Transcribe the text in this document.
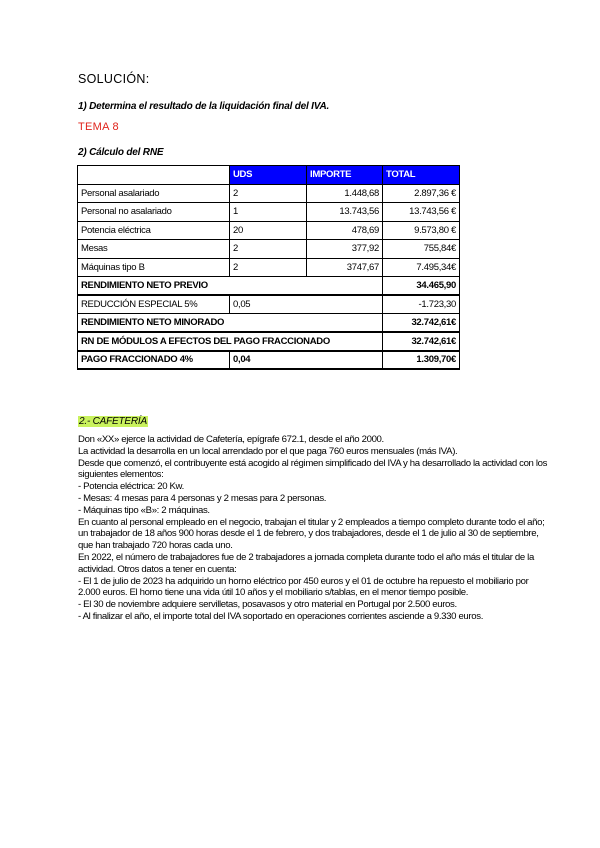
SOLUCIÓN:
1) Determina el resultado de la liquidación final del IVA.
TEMA 8
2) Cálculo del RNE
	UDS	IMPORTE	TOTAL
Personal asalariado	2	1.448,68	2.897,36 €
Personal no asalariado	1	13.743,56	13.743,56 €
Potencia eléctrica	20	478,69	9.573,80 €
Mesas	2	377,92	755,84€
Máquinas tipo B	2	3747,67	7.495,34€
RENDIMIENTO NETO PREVIO			34.465,90
REDUCCIÓN ESPECIAL 5%	0,05		-1.723,30
RENDIMIENTO NETO MINORADO			32.742,61€
RN DE MÓDULOS A EFECTOS DEL PAGO FRACCIONADO			32.742,61€
PAGO FRACCIONADO 4%	0,04		1.309,70€
2.- CAFETERÍA

Don «XX» ejerce la actividad de Cafetería, epígrafe 672.1, desde el año 2000.

La actividad la desarrolla en un local arrendado por el que paga 760 euros mensuales (más IVA).

Desde que comenzó, el contribuyente está acogido al régimen simplificado del IVA y ha desarrollado la actividad con los

siguientes elementos:

- Potencia eléctrica: 20 Kw.

- Mesas: 4 mesas para 4 personas y 2 mesas para 2 personas.

- Máquinas tipo «B»: 2 máquinas.

En cuanto al personal empleado en el negocio, trabajan el titular y 2 empleados a tiempo completo durante todo el año;

un trabajador de 18 años 900 horas desde el 1 de febrero, y dos trabajadores, desde el 1 de julio al 30 de septiembre,

que han trabajado 720 horas cada uno.

En 2022, el número de trabajadores fue de 2 trabajadores a jornada completa durante todo el año más el titular de la

actividad. Otros datos a tener en cuenta:

- El 1 de julio de 2023 ha adquirido un horno eléctrico por 450 euros y el 01 de octubre ha repuesto el mobiliario por

2.000 euros. El horno tiene una vida útil 10 años y el mobiliario s/tablas, en el menor tiempo posible.

- El 30 de noviembre adquiere servilletas, posavasos y otro material en Portugal por 2.500 euros.

- Al finalizar el año, el importe total del IVA soportado en operaciones corrientes asciende a 9.330 euros.
